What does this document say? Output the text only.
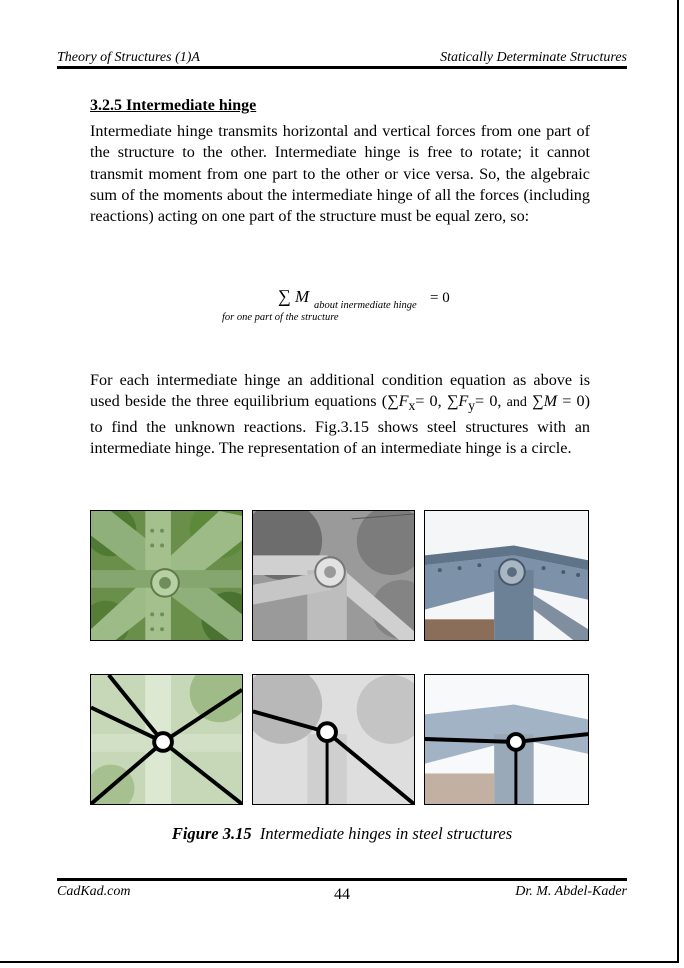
Theory of Structures (1)A	Statically Determinate Structures
3.2.5 Intermediate hinge
Intermediate hinge transmits horizontal and vertical forces from one part of the structure to the other. Intermediate hinge is free to rotate; it cannot transmit moment from one part to the other or vice versa. So, the algebraic sum of the moments about the intermediate hinge of all the forces (including reactions) acting on one part of the structure must be equal zero, so:
∑ M about inermediate hinge = 0
for one part of the structure
For each intermediate hinge an additional condition equation as above is used beside the three equilibrium equations ($\sum F_x= 0$, $\sum F_y= 0$, and ∑M = 0) to find the unknown reactions. Fig.3.15 shows steel structures with an intermediate hinge. The representation of an intermediate hinge is a circle.
Figure 3.15 Intermediate hinges in steel structures
CadKad.com	44	Dr. M. Abdel-Kader
